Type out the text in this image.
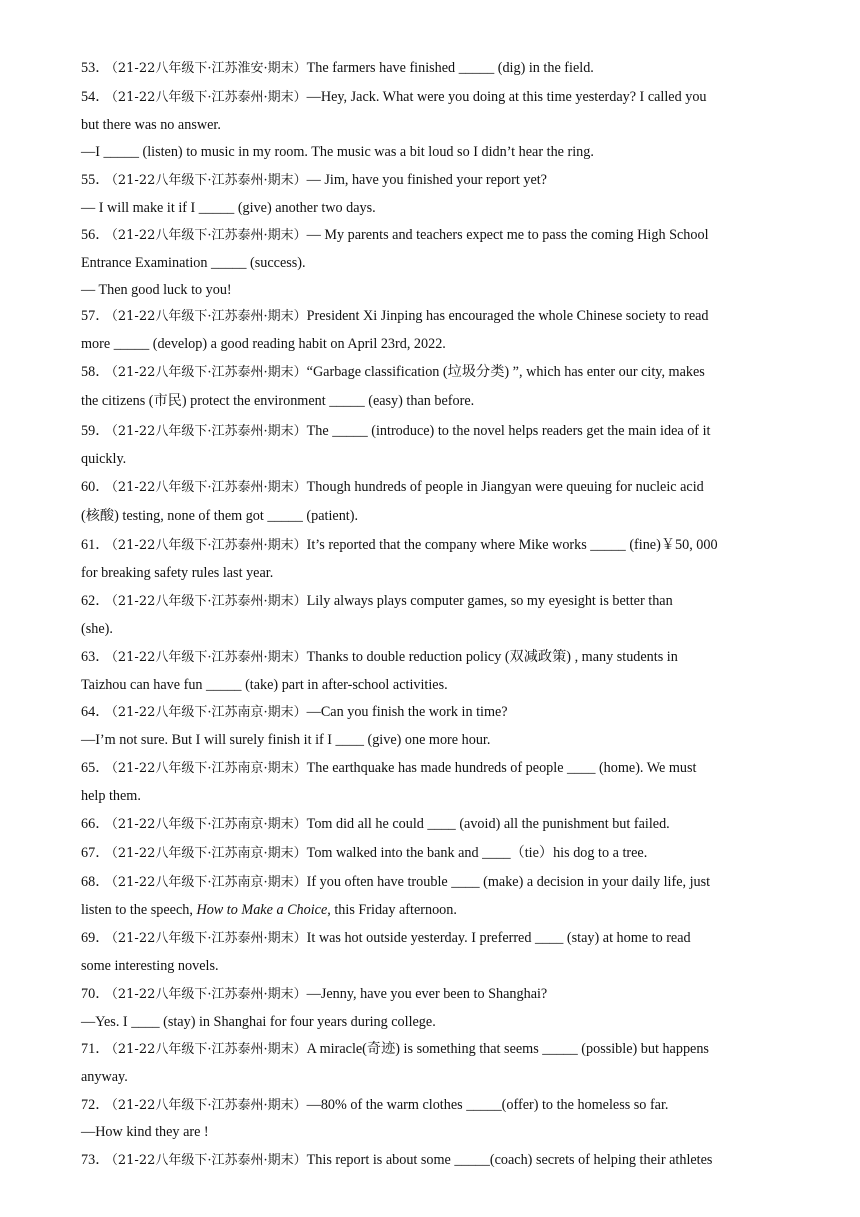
53． （21-22八年级下·江苏淮安·期末）The farmers have finished _____ (dig) in the field.
54． （21-22八年级下·江苏泰州·期末）—Hey, Jack. What were you doing at this time yesterday? I called you
but there was no answer.
—I _____ (listen) to music in my room. The music was a bit loud so I didn’t hear the ring.
55． （21-22八年级下·江苏泰州·期末）— Jim, have you finished your report yet?
— I will make it if I _____ (give) another two days.
56． （21-22八年级下·江苏泰州·期末）— My parents and teachers expect me to pass the coming High School
Entrance Examination _____ (success).
— Then good luck to you!
57． （21-22八年级下·江苏泰州·期末）President Xi Jinping has encouraged the whole Chinese society to read
more _____ (develop) a good reading habit on April 23rd, 2022.
58． （21-22八年级下·江苏泰州·期末）“Garbage classification (垃圾分类) ”, which has enter our city, makes
the citizens (市民) protect the environment _____ (easy) than before.
59． （21-22八年级下·江苏泰州·期末）The _____ (introduce) to the novel helps readers get the main idea of it
quickly.
60． （21-22八年级下·江苏泰州·期末）Though hundreds of people in Jiangyan were queuing for nucleic acid
(核酸) testing, none of them got _____ (patient).
61． （21-22八年级下·江苏泰州·期末）It’s reported that the company where Mike works _____ (fine)￥50, 000
for breaking safety rules last year.
62． （21-22八年级下·江苏泰州·期末）Lily always plays computer games, so my eyesight is better than
(she).
63． （21-22八年级下·江苏泰州·期末）Thanks to double reduction policy (双减政策) , many students in
Taizhou can have fun _____ (take) part in after-school activities.
64． （21-22八年级下·江苏南京·期末）—Can you finish the work in time?
—I’m not sure. But I will surely finish it if I ____ (give) one more hour.
65． （21-22八年级下·江苏南京·期末）The earthquake has made hundreds of people ____ (home). We must
help them.
66． （21-22八年级下·江苏南京·期末）Tom did all he could ____ (avoid) all the punishment but failed.
67． （21-22八年级下·江苏南京·期末）Tom walked into the bank and ____（tie）his dog to a tree.
68． （21-22八年级下·江苏南京·期末）If you often have trouble ____ (make) a decision in your daily life, just
listen to the speech, How to Make a Choice, this Friday afternoon.
69． （21-22八年级下·江苏泰州·期末）It was hot outside yesterday. I preferred ____ (stay) at home to read
some interesting novels.
70． （21-22八年级下·江苏泰州·期末）—Jenny, have you ever been to Shanghai?
—Yes. I ____ (stay) in Shanghai for four years during college.
71． （21-22八年级下·江苏泰州·期末）A miracle(奇迹) is something that seems _____ (possible) but happens
anyway.
72． （21-22八年级下·江苏泰州·期末）—80% of the warm clothes _____(offer) to the homeless so far.
—How kind they are !
73． （21-22八年级下·江苏泰州·期末）This report is about some _____(coach) secrets of helping their athletes
